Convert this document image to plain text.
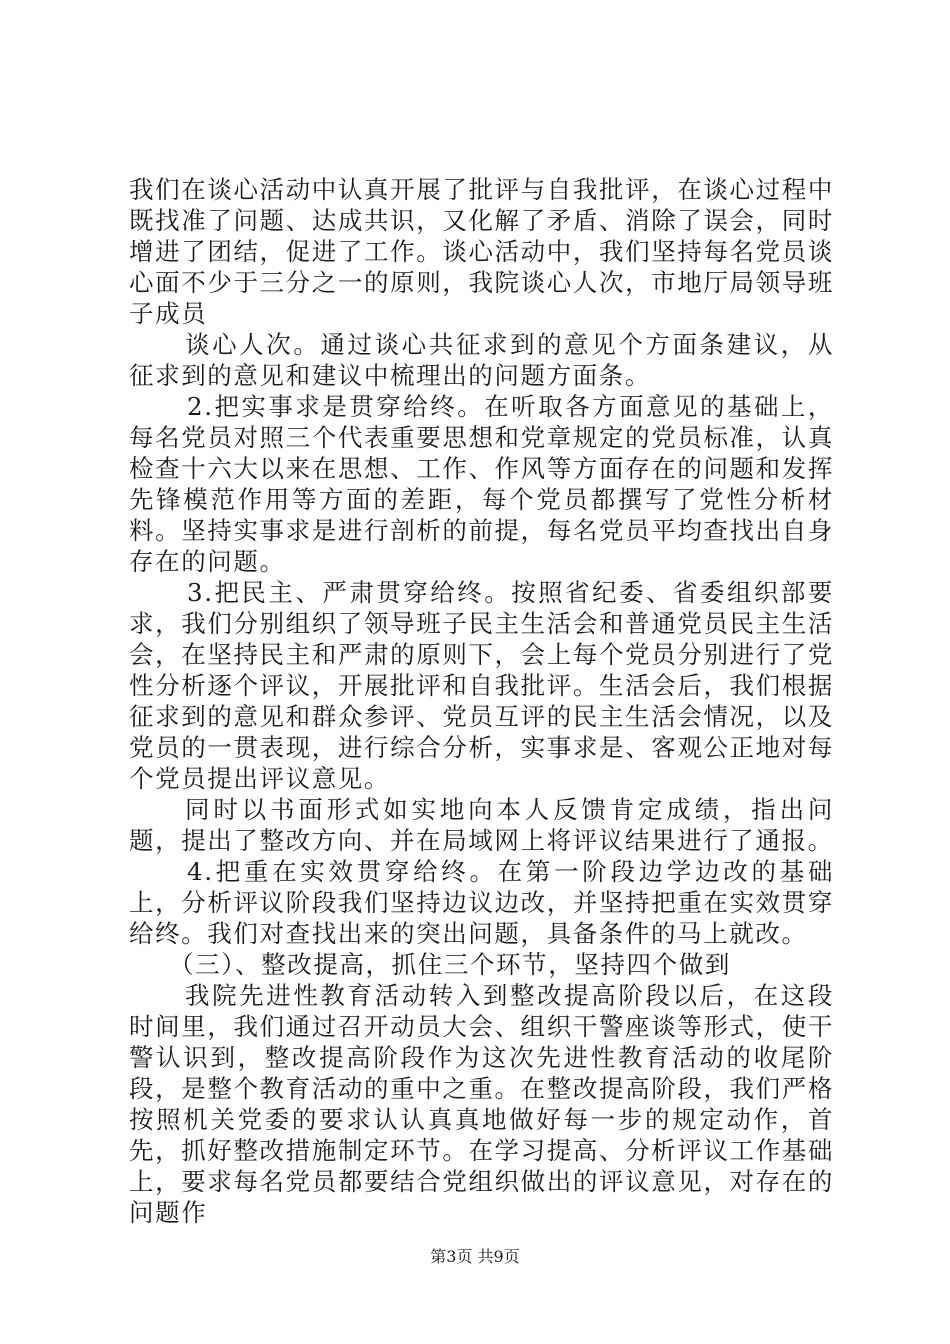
我们在谈心活动中认真开展了批评与自我批评，在谈心过程中既找准了问题、达成共识，又化解了矛盾、消除了误会，同时增进了团结，促进了工作。谈心活动中，我们坚持每名党员谈心面不少于三分之一的原则，我院谈心人次，市地厅局领导班子成员

谈心人次。通过谈心共征求到的意见个方面条建议，从征求到的意见和建议中梳理出的问题方面条。

2.把实事求是贯穿给终。在听取各方面意见的基础上，每名党员对照三个代表重要思想和党章规定的党员标准，认真检查十六大以来在思想、工作、作风等方面存在的问题和发挥先锋模范作用等方面的差距，每个党员都撰写了党性分析材料。坚持实事求是进行剖析的前提，每名党员平均查找出自身存在的问题。

3.把民主、严肃贯穿给终。按照省纪委、省委组织部要求，我们分别组织了领导班子民主生活会和普通党员民主生活会，在坚持民主和严肃的原则下，会上每个党员分别进行了党性分析逐个评议，开展批评和自我批评。生活会后，我们根据征求到的意见和群众参评、党员互评的民主生活会情况，以及党员的一贯表现，进行综合分析，实事求是、客观公正地对每个党员提出评议意见。

同时以书面形式如实地向本人反馈肯定成绩，指出问题，提出了整改方向、并在局域网上将评议结果进行了通报。

4.把重在实效贯穿给终。在第一阶段边学边改的基础上，分析评议阶段我们坚持边议边改，并坚持把重在实效贯穿给终。我们对查找出来的突出问题，具备条件的马上就改。

（三）、整改提高，抓住三个环节，坚持四个做到

我院先进性教育活动转入到整改提高阶段以后，在这段时间里，我们通过召开动员大会、组织干警座谈等形式，使干警认识到，整改提高阶段作为这次先进性教育活动的收尾阶段，是整个教育活动的重中之重。在整改提高阶段，我们严格按照机关党委的要求认认真真地做好每一步的规定动作，首先，抓好整改措施制定环节。在学习提高、分析评议工作基础上，要求每名党员都要结合党组织做出的评议意见，对存在的问题作

第3页 共9页
